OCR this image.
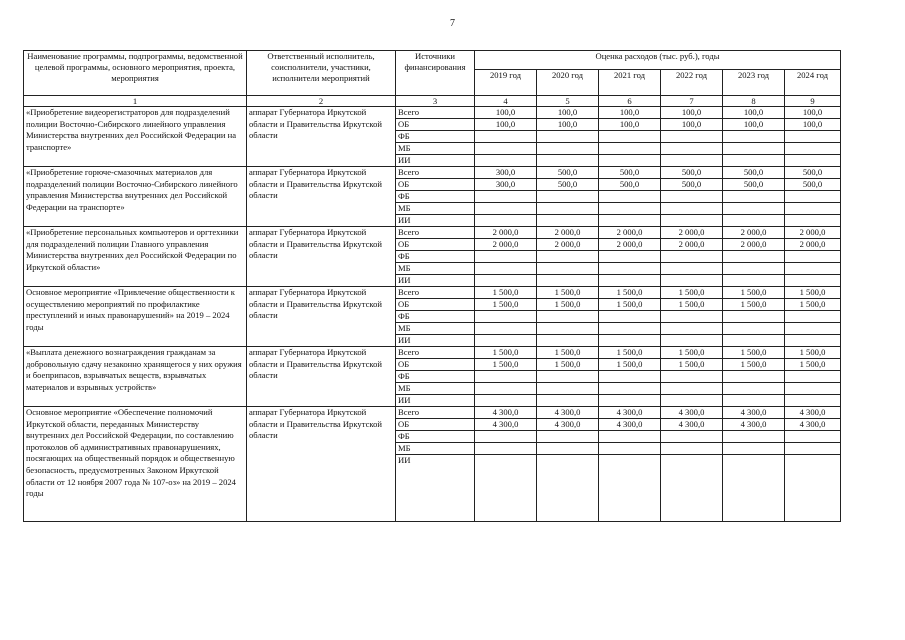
7
Наименование программы, подпрограммы, ведомственной целевой программы, основного мероприятия, проекта, мероприятия	Ответственный исполнитель, соисполнители, участники, исполнители мероприятий	Источники финансирования	Оценка расходов (тыс. руб.), годы					
			2019 год	2020 год	2021 год	2022 год	2023 год	2024 год
1	2	3	4	5	6	7	8	9
«Приобретение видеорегистраторов для подразделений полиции Восточно-Сибирского линейного управления Министерства внутренних дел Российской Федерации на транспорте»	аппарат Губернатора Иркутской области и Правительства Иркутской области	Всего	100,0	100,0	100,0	100,0	100,0	100,0
		ОБ	100,0	100,0	100,0	100,0	100,0	100,0
		ФБ						
		МБ						
		ИИ						
«Приобретение горюче-смазочных материалов для подразделений полиции Восточно-Сибирского линейного управления Министерства внутренних дел Российской Федерации на транспорте»	аппарат Губернатора Иркутской области и Правительства Иркутской области	Всего	300,0	500,0	500,0	500,0	500,0	500,0
		ОБ	300,0	500,0	500,0	500,0	500,0	500,0
		ФБ						
		МБ						
		ИИ						
«Приобретение персональных компьютеров и оргтехники для подразделений полиции Главного управления Министерства внутренних дел Российской Федерации по Иркутской области»	аппарат Губернатора Иркутской области и Правительства Иркутской области	Всего	2 000,0	2 000,0	2 000,0	2 000,0	2 000,0	2 000,0
		ОБ	2 000,0	2 000,0	2 000,0	2 000,0	2 000,0	2 000,0
		ФБ						
		МБ						
		ИИ						
Основное мероприятие «Привлечение общественности к осуществлению мероприятий по профилактике преступлений и иных правонарушений» на 2019 – 2024 годы	аппарат Губернатора Иркутской области и Правительства Иркутской области	Всего	1 500,0	1 500,0	1 500,0	1 500,0	1 500,0	1 500,0
		ОБ	1 500,0	1 500,0	1 500,0	1 500,0	1 500,0	1 500,0
		ФБ						
		МБ						
		ИИ						
«Выплата денежного вознаграждения гражданам за добровольную сдачу незаконно хранящегося у них оружия и боеприпасов, взрывчатых веществ, взрывчатых материалов и взрывных устройств»	аппарат Губернатора Иркутской области и Правительства Иркутской области	Всего	1 500,0	1 500,0	1 500,0	1 500,0	1 500,0	1 500,0
		ОБ	1 500,0	1 500,0	1 500,0	1 500,0	1 500,0	1 500,0
		ФБ						
		МБ						
		ИИ						
Основное мероприятие «Обеспечение полномочий Иркутской области, переданных Министерству внутренних дел Российской Федерации, по составлению протоколов об административных правонарушениях, посягающих на общественный порядок и общественную безопасность, предусмотренных Законом Иркутской области от 12 ноября 2007 года № 107-оз» на 2019 – 2024 годы	аппарат Губернатора Иркутской области и Правительства Иркутской области	Всего	4 300,0	4 300,0	4 300,0	4 300,0	4 300,0	4 300,0
		ОБ	4 300,0	4 300,0	4 300,0	4 300,0	4 300,0	4 300,0
		ФБ						
		МБ						
		ИИ						
